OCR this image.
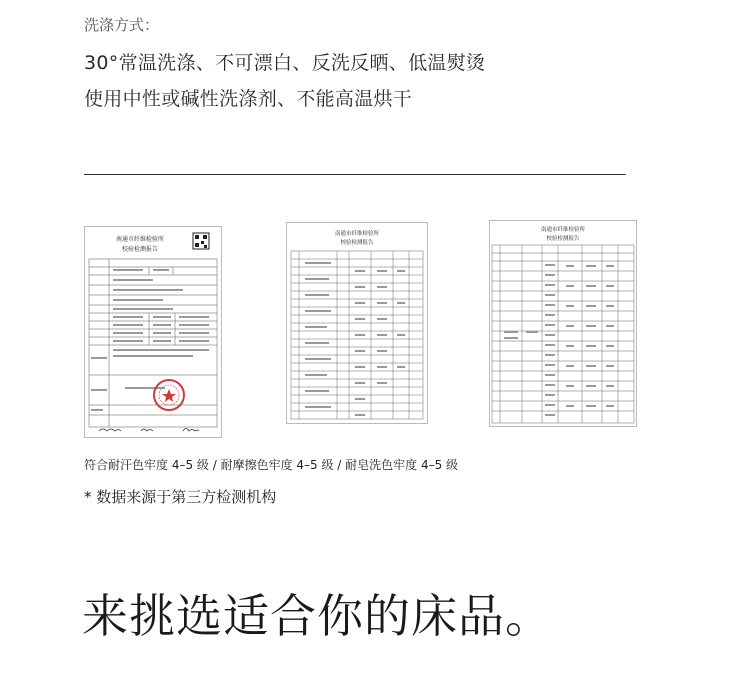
洗涤方式：
30°常温洗涤、不可漂白、反洗反晒、低温熨烫
使用中性或碱性洗涤剂、不能高温烘干
南通市纤维检验所
校验检测报告
南通市纤维检验所
校验检测报告
南通市纤维检验所
校验检测报告
符合耐汗色牢度 4–5 级 / 耐摩擦色牢度 4–5 级 / 耐皂洗色牢度 4–5 级
* 数据来源于第三方检测机构
来挑选适合你的床品。
